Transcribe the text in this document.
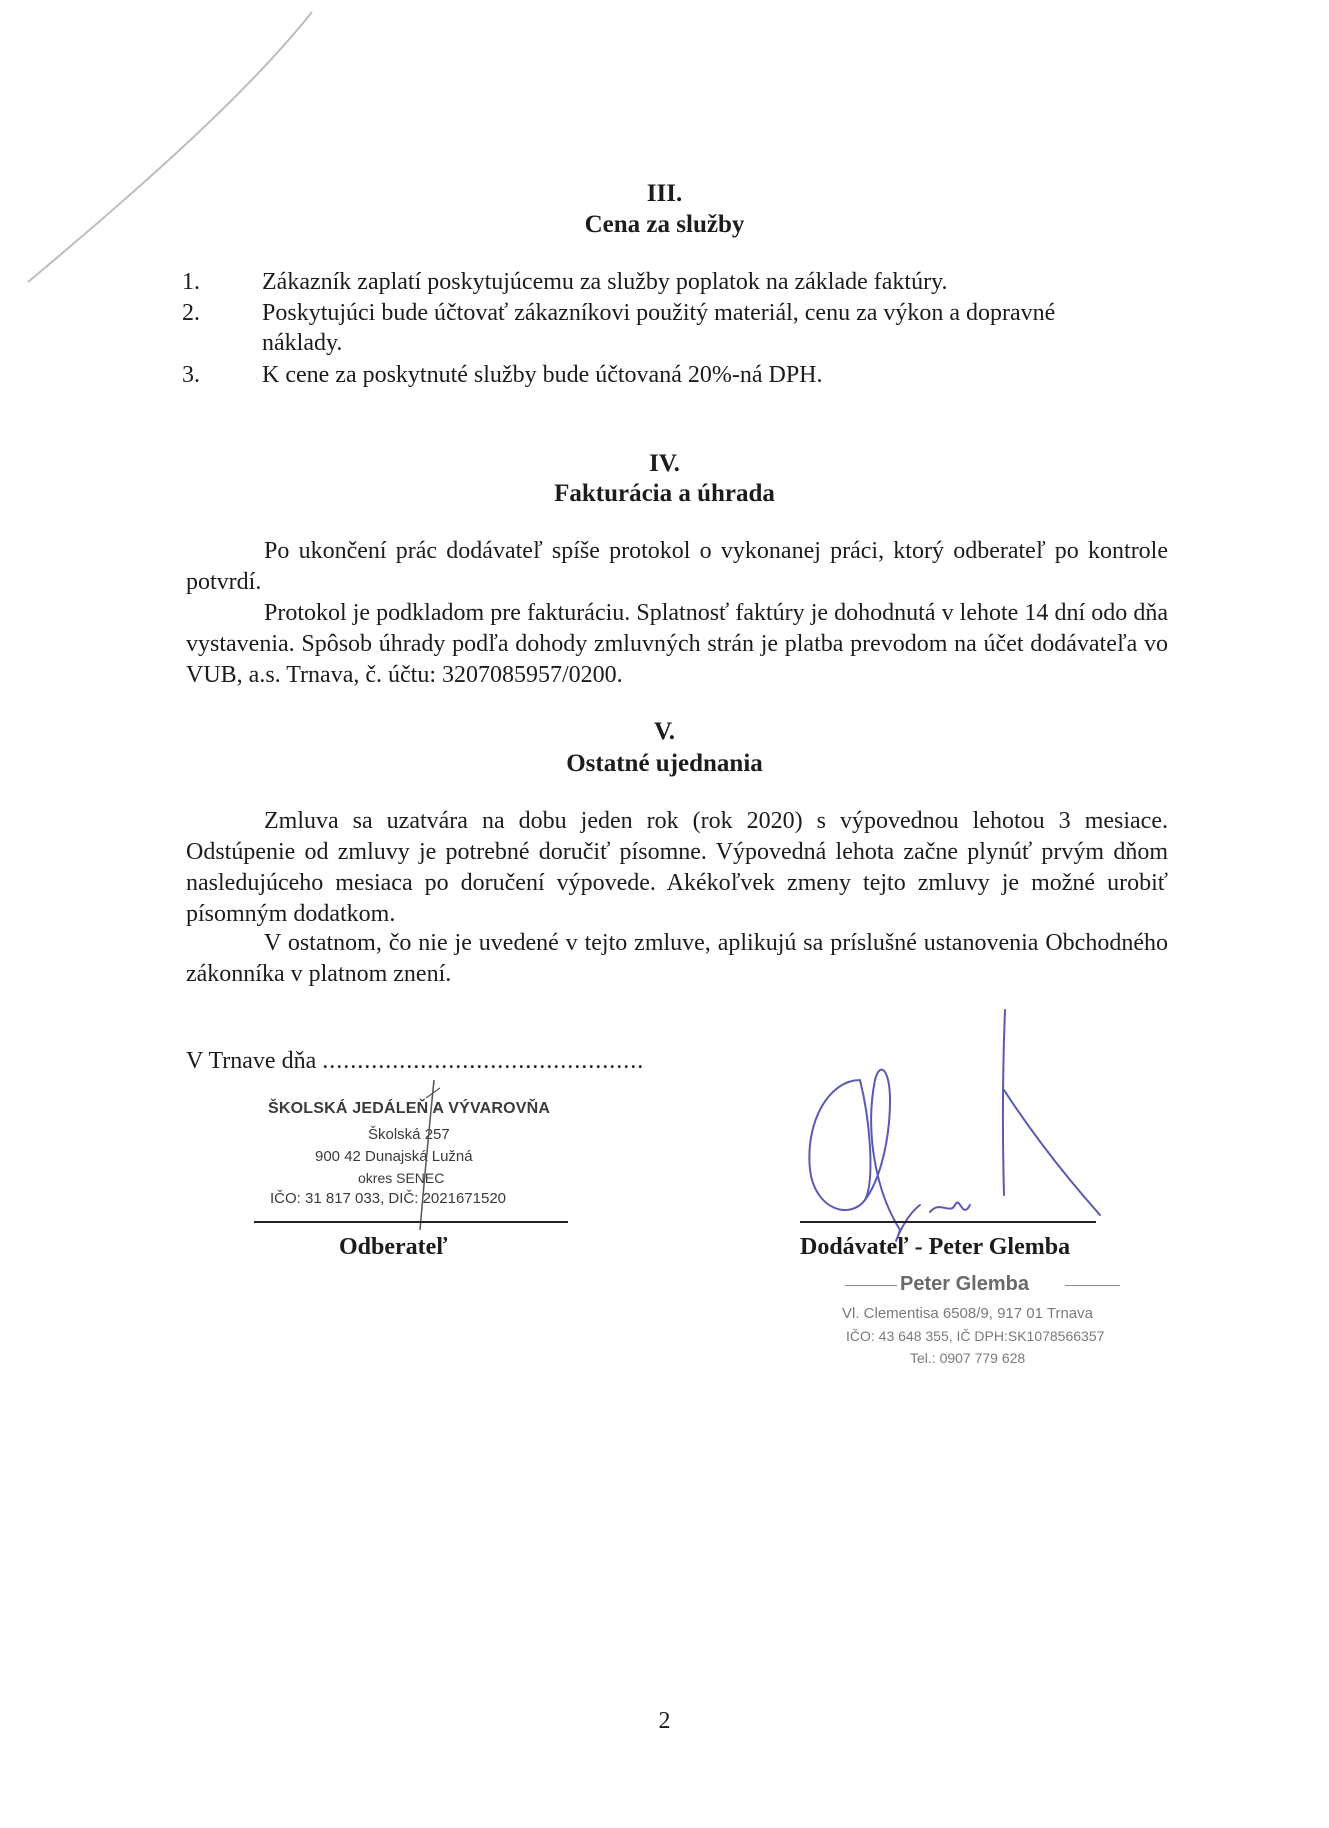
III.
Cena za služby
1.	Zákazník zaplatí poskytujúcemu za služby poplatok na základe faktúry.
2.	Poskytujúci bude účtovať zákazníkovi použitý materiál, cenu za výkon a dopravné náklady.
3.	K cene za poskytnuté služby bude účtovaná 20%-ná DPH.
IV.
Fakturácia a úhrada
Po ukončení prác dodávateľ spíše protokol o vykonanej práci, ktorý odberateľ po kontrole potvrdí.
Protokol je podkladom pre fakturáciu. Splatnosť faktúry je dohodnutá v lehote 14 dní odo dňa vystavenia. Spôsob úhrady podľa dohody zmluvných strán je platba prevodom na účet dodávateľa vo VUB, a.s. Trnava, č. účtu: 3207085957/0200.
V.
Ostatné ujednania
Zmluva sa uzatvára na dobu jeden rok (rok 2020) s výpovednou lehotou 3 mesiace. Odstúpenie od zmluvy je potrebné doručiť písomne. Výpovedná lehota začne plynúť prvým dňom nasledujúceho mesiaca po doručení výpovede. Akékoľvek zmeny tejto zmluvy je možné urobiť písomným dodatkom.
V ostatnom, čo nie je uvedené v tejto zmluve, aplikujú sa príslušné ustanovenia Obchodného zákonníka v platnom znení.
V Trnave dňa ..............................................
ŠKOLSKÁ JEDÁLEŇ A VÝVAROVŇA
Školská 257
900 42 Dunajská Lužná
okres SENEC
IČO: 31 817 033, DIČ: 2021671520
Odberateľ	Dodávateľ - Peter Glemba
Peter Glemba
Vl. Clementisa 6508/9, 917 01 Trnava
IČO: 43 648 355, IČ DPH:SK1078566357
Tel.: 0907 779 628
2
